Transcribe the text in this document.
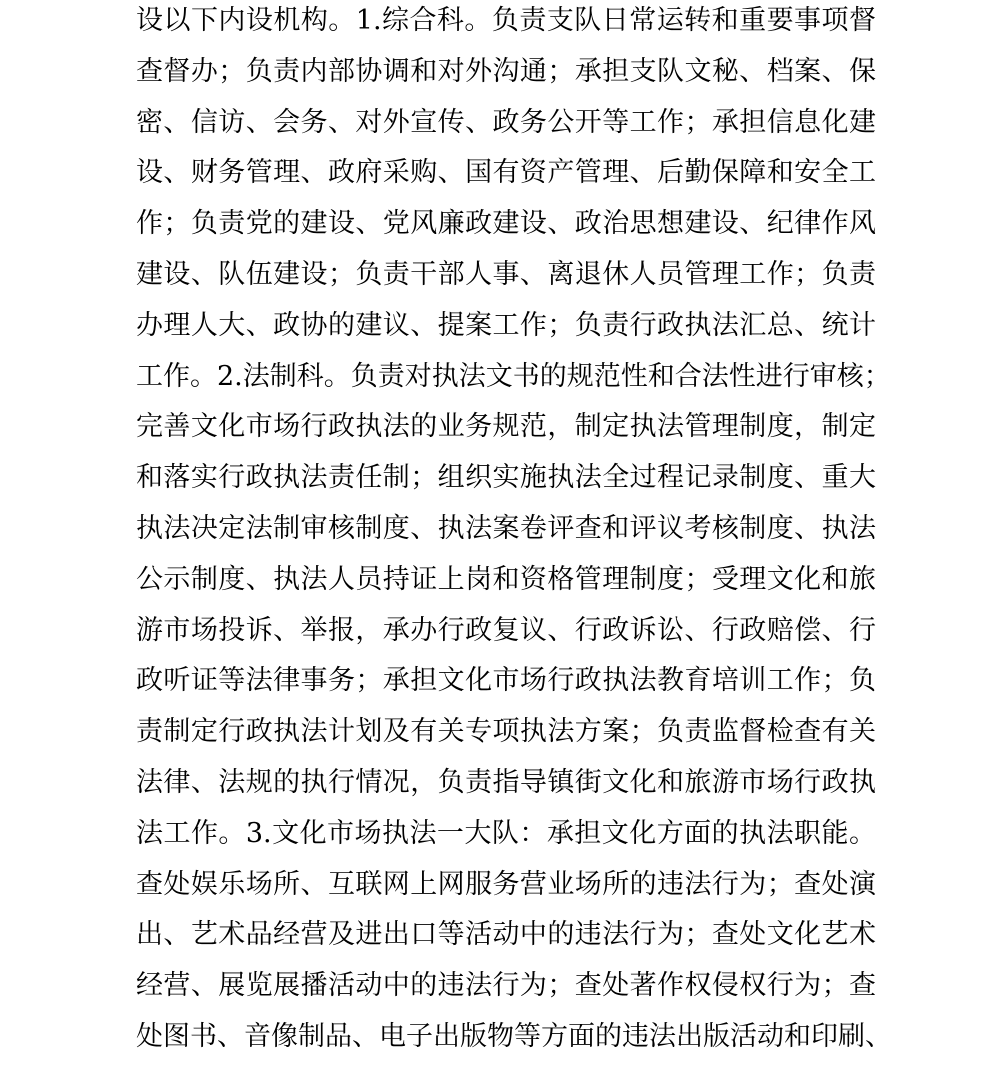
设以下内设机构。1.综合科。负责支队日常运转和重要事项督
查督办；负责内部协调和对外沟通；承担支队文秘、档案、保
密、信访、会务、对外宣传、政务公开等工作；承担信息化建
设、财务管理、政府采购、国有资产管理、后勤保障和安全工
作；负责党的建设、党风廉政建设、政治思想建设、纪律作风
建设、队伍建设；负责干部人事、离退休人员管理工作；负责
办理人大、政协的建议、提案工作；负责行政执法汇总、统计
工作。2.法制科。负责对执法文书的规范性和合法性进行审核；
完善文化市场行政执法的业务规范，制定执法管理制度，制定
和落实行政执法责任制；组织实施执法全过程记录制度、重大
执法决定法制审核制度、执法案卷评查和评议考核制度、执法
公示制度、执法人员持证上岗和资格管理制度；受理文化和旅
游市场投诉、举报，承办行政复议、行政诉讼、行政赔偿、行
政听证等法律事务；承担文化市场行政执法教育培训工作；负
责制定行政执法计划及有关专项执法方案；负责监督检查有关
法律、法规的执行情况，负责指导镇街文化和旅游市场行政执
法工作。3.文化市场执法一大队：承担文化方面的执法职能。
查处娱乐场所、互联网上网服务营业场所的违法行为；查处演
出、艺术品经营及进出口等活动中的违法行为；查处文化艺术
经营、展览展播活动中的违法行为；查处著作权侵权行为；查
处图书、音像制品、电子出版物等方面的违法出版活动和印刷、
